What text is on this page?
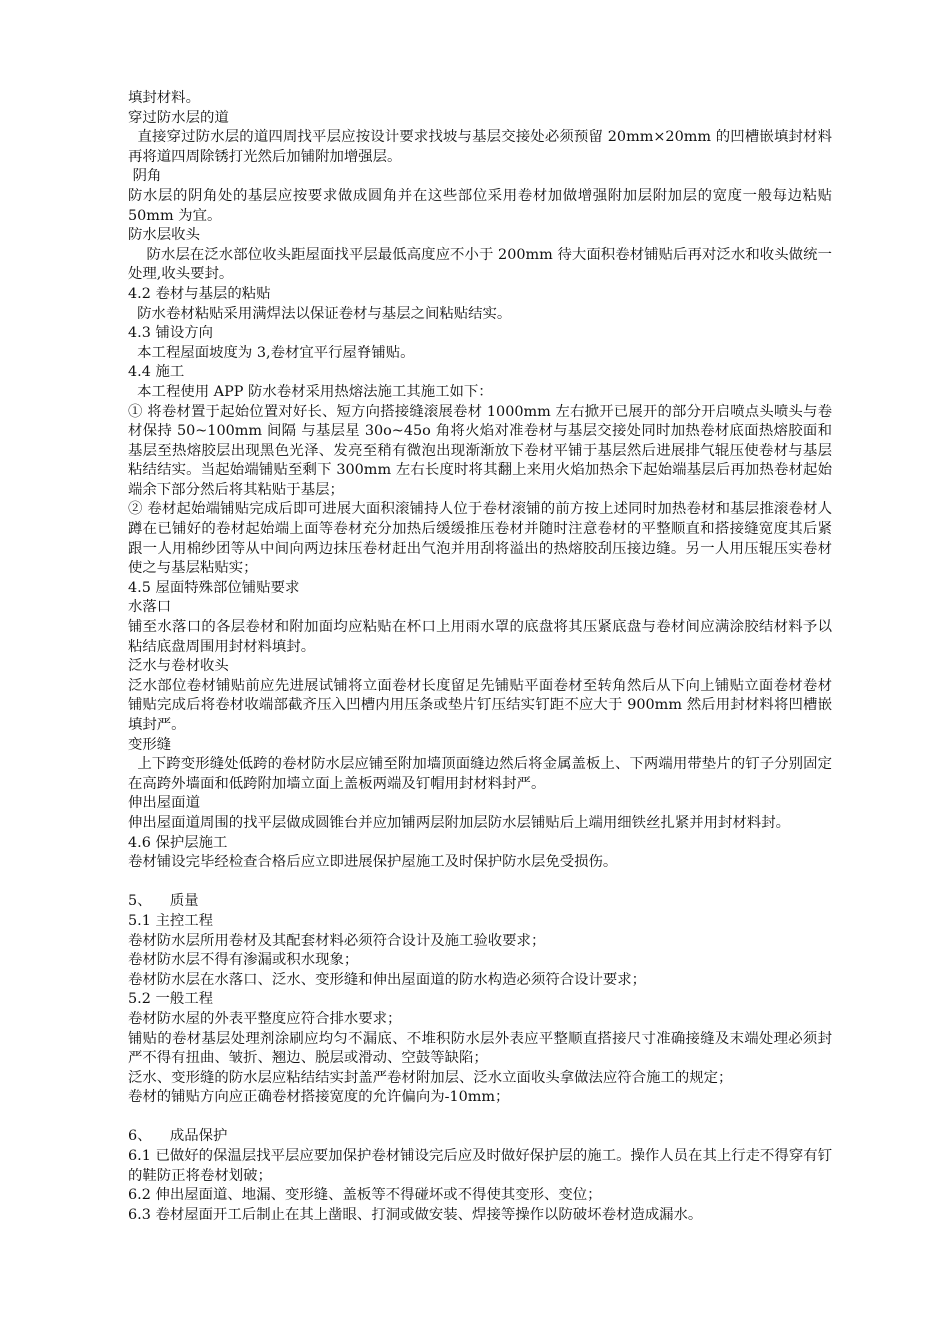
填封材料。

穿过防水层的道

直接穿过防水层的道四周找平层应按设计要求找坡与基层交接处必须预留 20mm×20mm 的凹槽嵌填封材料再将道四周除锈打光然后加铺附加增强层。

阴角

防水层的阴角处的基层应按要求做成圆角并在这些部位采用卷材加做增强附加层附加层的宽度一般每边粘贴 50mm 为宜。

防水层收头

防水层在泛水部位收头距屋面找平层最低高度应不小于 200mm 待大面积卷材铺贴后再对泛水和收头做统一处理,收头要封。

4.2 卷材与基层的粘贴

防水卷材粘贴采用满焊法以保证卷材与基层之间粘贴结实。

4.3 铺设方向

本工程屋面坡度为 3,卷材宜平行屋脊铺贴。

4.4 施工

本工程使用 APP 防水卷材采用热熔法施工其施工如下：

① 将卷材置于起始位置对好长、短方向搭接缝滚展卷材 1000mm 左右掀开已展开的部分开启喷点头喷头与卷材保持 50~100mm 间隔 与基层星 30o~45o 角将火焰对准卷材与基层交接处同时加热卷材底面热熔胶面和基层至热熔胶层出现黑色光泽、发亮至稍有微泡出现渐渐放下卷材平铺于基层然后进展排气辊压使卷材与基层粘结结实。当起始端铺贴至剩下 300mm 左右长度时将其翻上来用火焰加热余下起始端基层后再加热卷材起始端余下部分然后将其粘贴于基层；

② 卷材起始端铺贴完成后即可进展大面积滚铺持人位于卷材滚铺的前方按上述同时加热卷材和基层推滚卷材人蹲在已铺好的卷材起始端上面等卷材充分加热后缓缓推压卷材并随时注意卷材的平整顺直和搭接缝宽度其后紧跟一人用棉纱团等从中间向两边抹压卷材赶出气泡并用刮将溢出的热熔胶刮压接边缝。另一人用压辊压实卷材使之与基层粘贴实；

4.5 屋面特殊部位铺贴要求

水落口

铺至水落口的各层卷材和附加面均应粘贴在杯口上用雨水罩的底盘将其压紧底盘与卷材间应满涂胶结材料予以粘结底盘周围用封材料填封。

泛水与卷材收头

泛水部位卷材铺贴前应先进展试铺将立面卷材长度留足先铺贴平面卷材至转角然后从下向上铺贴立面卷材卷材铺贴完成后将卷材收端部截齐压入凹槽内用压条或垫片钉压结实钉距不应大于 900mm 然后用封材料将凹槽嵌填封严。

变形缝

上下跨变形缝处低跨的卷材防水层应铺至附加墙顶面缝边然后将金属盖板上、下两端用带垫片的钉子分别固定在高跨外墙面和低跨附加墙立面上盖板两端及钉帽用封材料封严。

伸出屋面道

伸出屋面道周围的找平层做成圆锥台并应加铺两层附加层防水层铺贴后上端用细铁丝扎紧并用封材料封。

4.6 保护层施工

卷材铺设完毕经检查合格后应立即进展保护屋施工及时保护防水层免受损伤。

5、    质量

5.1 主控工程

卷材防水层所用卷材及其配套材料必须符合设计及施工验收要求；

卷材防水层不得有渗漏或积水现象；

卷材防水层在水落口、泛水、变形缝和伸出屋面道的防水构造必须符合设计要求；

5.2 一般工程

卷材防水屋的外表平整度应符合排水要求；

铺贴的卷材基层处理剂涂刷应均匀不漏底、不堆积防水层外表应平整顺直搭接尺寸准确接缝及末端处理必须封严不得有扭曲、皱折、翘边、脱层或滑动、空鼓等缺陷；

泛水、变形缝的防水层应粘结结实封盖严卷材附加层、泛水立面收头拿做法应符合施工的规定；

卷材的铺贴方向应正确卷材搭接宽度的允许偏向为-10mm；

6、    成品保护

6.1 已做好的保温层找平层应要加保护卷材铺设完后应及时做好保护层的施工。操作人员在其上行走不得穿有钉的鞋防正将卷材划破；

6.2 伸出屋面道、地漏、变形缝、盖板等不得碰坏或不得使其变形、变位；

6.3 卷材屋面开工后制止在其上凿眼、打洞或做安装、焊接等操作以防破坏卷材造成漏水。
